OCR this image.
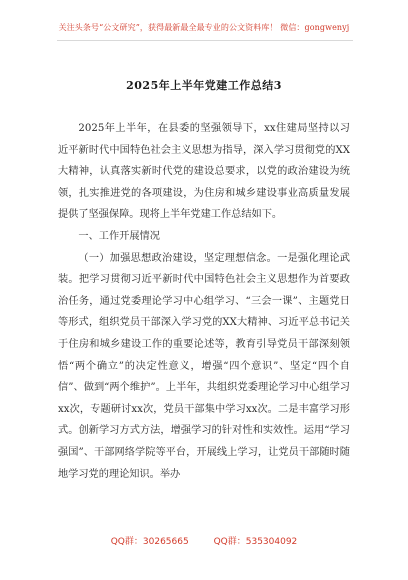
关注头条号“公文研究”，获得最新最全最专业的公文资料库！ 微信：gongwenyj
2025年上半年党建工作总结3

2025年上半年，在县委的坚强领导下，xx住建局坚持以习近平新时代中国特色社会主义思想为指导，深入学习贯彻党的XX大精神，认真落实新时代党的建设总要求，以党的政治建设为统领，扎实推进党的各项建设，为住房和城乡建设事业高质量发展提供了坚强保障。现将上半年党建工作总结如下。

一、工作开展情况

（一）加强思想政治建设，坚定理想信念。一是强化理论武装。把学习贯彻习近平新时代中国特色社会主义思想作为首要政治任务，通过党委理论学习中心组学习、“三会一课”、主题党日等形式，组织党员干部深入学习党的XX大精神、习近平总书记关于住房和城乡建设工作的重要论述等，教育引导党员干部深刻领悟“两个确立”的决定性意义，增强“四个意识”、坚定“四个自信”、做到“两个维护”。上半年，共组织党委理论学习中心组学习xx次，专题研讨xx次，党员干部集中学习xx次。二是丰富学习形式。创新学习方式方法，增强学习的针对性和实效性。运用“学习强国”、干部网络学院等平台，开展线上学习，让党员干部随时随地学习党的理论知识。举办

QQ群：30265665	QQ群：535304092
